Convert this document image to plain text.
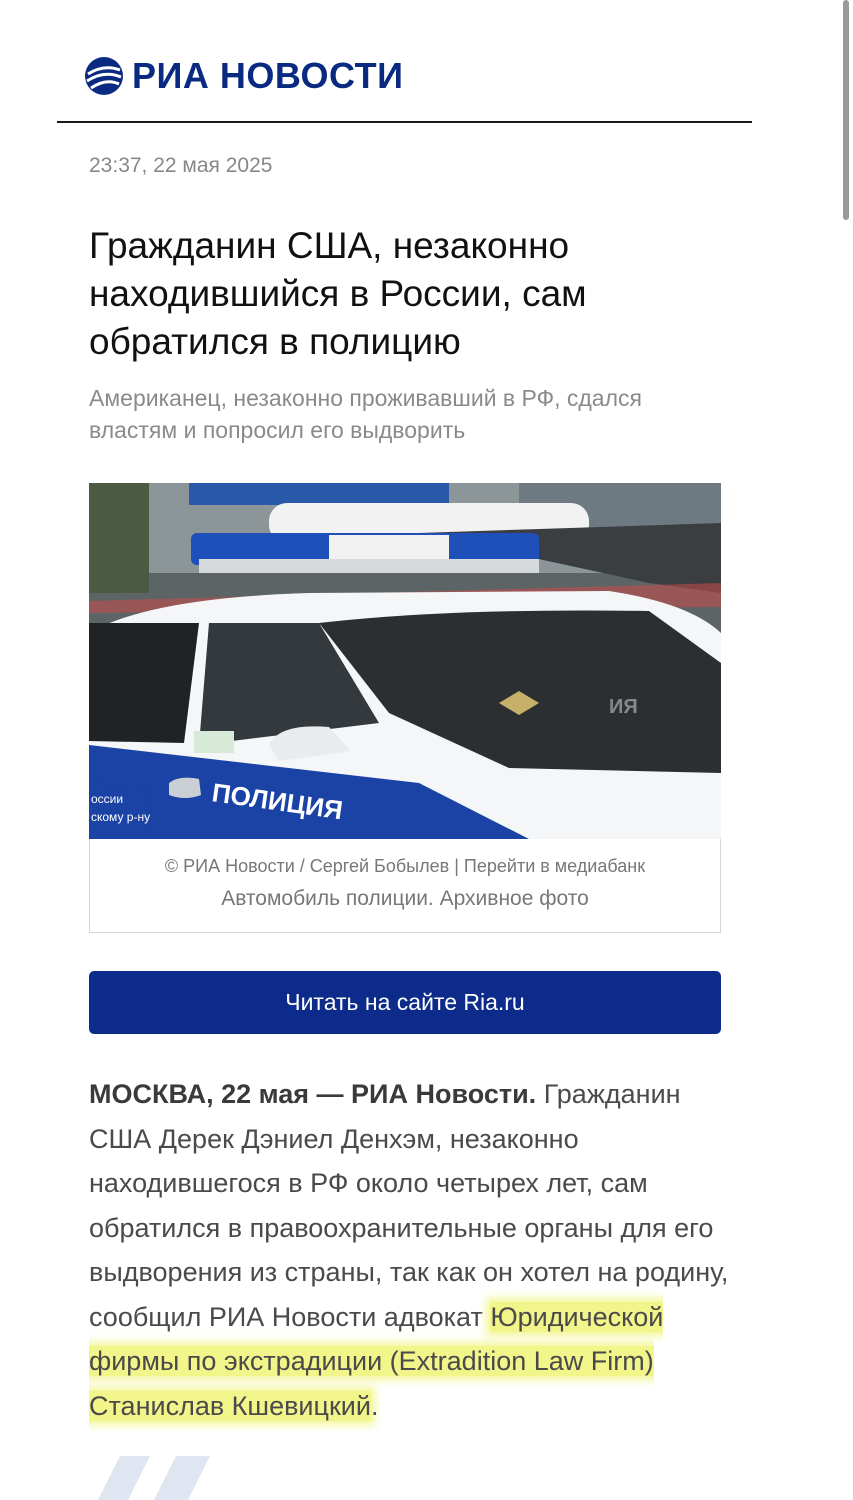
РИА НОВОСТИ
23:37, 22 мая 2025
Гражданин США, незаконно находившийся в России, сам обратился в полицию

Американец, незаконно проживавший в РФ, сдался властям и попросил его выдворить

ПОЛИЦИЯ
оссии
скому р-ну
ИЯ
© РИА Новости / Сергей Бобылев | Перейти в медиабанк
Автомобиль полиции. Архивное фото
Читать на сайте Ria.ru

МОСКВА, 22 мая — РИА Новости. Гражданин США Дерек Дэниел Денхэм, незаконно находившегося в РФ около четырех лет, сам обратился в правоохранительные органы для его выдворения из страны, так как он хотел на родину, сообщил РИА Новости адвокат Юридической фирмы по экстрадиции (Extradition Law Firm) Станислав Кшевицкий.
